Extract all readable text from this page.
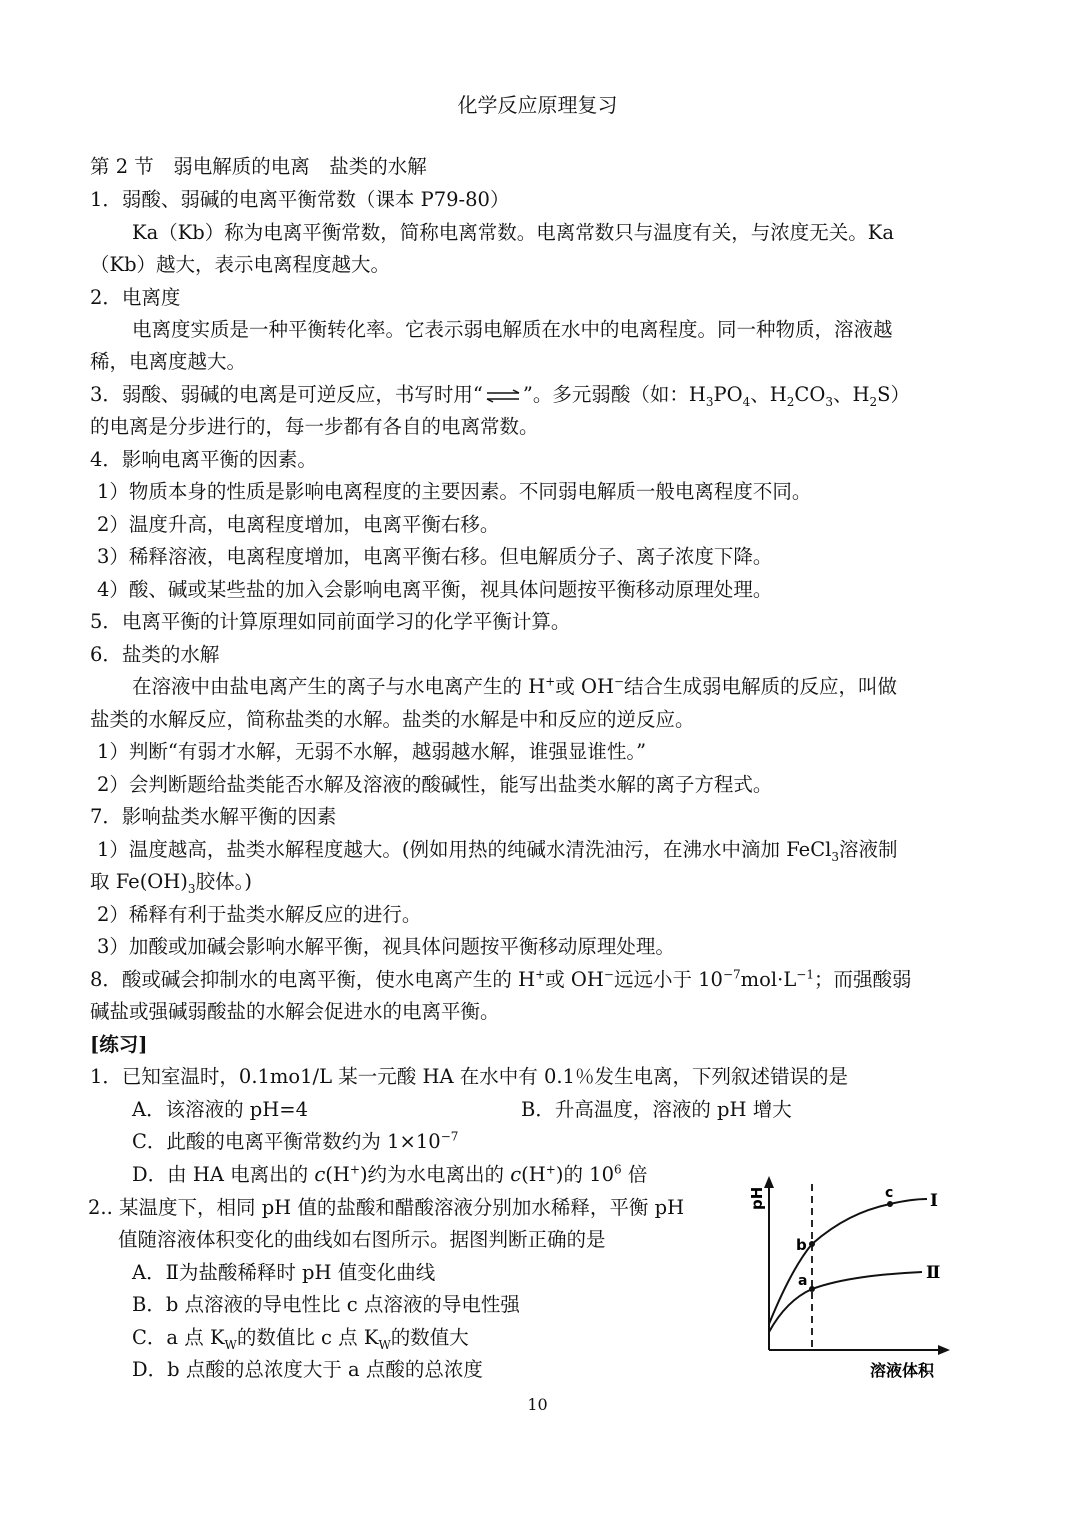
化学反应原理复习
第 2 节　弱电解质的电离　盐类的水解
1．弱酸、弱碱的电离平衡常数（课本 P79-80）
Ka（Kb）称为电离平衡常数，简称电离常数。电离常数只与温度有关，与浓度无关。Ka
（Kb）越大，表示电离程度越大。
2．电离度
电离度实质是一种平衡转化率。它表示弱电解质在水中的电离程度。同一种物质，溶液越
稀，电离度越大。
3．弱酸、弱碱的电离是可逆反应，书写时用“⇌”。多元弱酸（如：$H_3PO_4$、$H_2CO_3$、$H_2S$）
的电离是分步进行的，每一步都有各自的电离常数。
4．影响电离平衡的因素。
1）物质本身的性质是影响电离程度的主要因素。不同弱电解质一般电离程度不同。
2）温度升高，电离程度增加，电离平衡右移。
3）稀释溶液，电离程度增加，电离平衡右移。但电解质分子、离子浓度下降。
4）酸、碱或某些盐的加入会影响电离平衡，视具体问题按平衡移动原理处理。
5．电离平衡的计算原理如同前面学习的化学平衡计算。
6．盐类的水解
在溶液中由盐电离产生的离子与水电离产生的 H+或 OH−结合生成弱电解质的反应，叫做
盐类的水解反应，简称盐类的水解。盐类的水解是中和反应的逆反应。
1）判断“有弱才水解，无弱不水解，越弱越水解，谁强显谁性。”
2）会判断题给盐类能否水解及溶液的酸碱性，能写出盐类水解的离子方程式。
7．影响盐类水解平衡的因素
1）温度越高，盐类水解程度越大。(例如用热的纯碱水清洗油污，在沸水中滴加 FeCl$_3$溶液制
取 $Fe(OH)_3$胶体。)
2）稀释有利于盐类水解反应的进行。
3）加酸或加碱会影响水解平衡，视具体问题按平衡移动原理处理。
8．酸或碱会抑制水的电离平衡，使水电离产生的 H+或 OH−远远小于 $10^{-7}mol\cdot L^{-1}$；而强酸弱
碱盐或强碱弱酸盐的水解会促进水的电离平衡。
[练习]
1．已知室温时，0.1mo1/L 某一元酸 HA 在水中有 0.1％发生电离，下列叙述错误的是
A．该溶液的 pH=4	B．升高温度，溶液的 pH 增大
C．此酸的电离平衡常数约为 $1\times 10^{-7}$
D．由 HA 电离出的 c(H+)约为水电离出的 c(H+)的 $10^6$ 倍
2.. 某温度下，相同 pH 值的盐酸和醋酸溶液分别加水稀释，平衡 pH
值随溶液体积变化的曲线如右图所示。据图判断正确的是
A．Ⅱ为盐酸稀释时 pH 值变化曲线
B．b 点溶液的导电性比 c 点溶液的导电性强
C．a 点 $K_W$的数值比 c 点 $K_W$的数值大
D．b 点酸的总浓度大于 a 点酸的总浓度
pH
溶液体积
b
a
c I
Ⅱ
10
